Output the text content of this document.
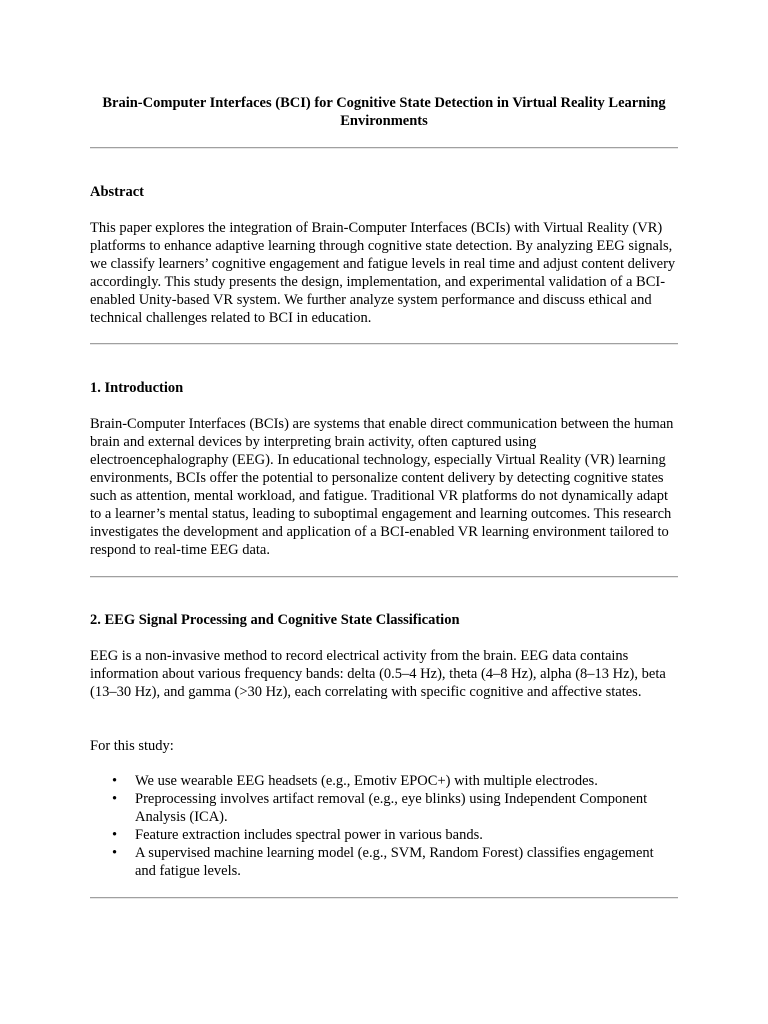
Brain-Computer Interfaces (BCI) for Cognitive State Detection in Virtual Reality Learning Environments
Abstract

This paper explores the integration of Brain-Computer Interfaces (BCIs) with Virtual Reality (VR) platforms to enhance adaptive learning through cognitive state detection. By analyzing EEG signals, we classify learners’ cognitive engagement and fatigue levels in real time and adjust content delivery accordingly. This study presents the design, implementation, and experimental validation of a BCI-enabled Unity-based VR system. We further analyze system performance and discuss ethical and technical challenges related to BCI in education.

1. Introduction

Brain-Computer Interfaces (BCIs) are systems that enable direct communication between the human brain and external devices by interpreting brain activity, often captured using electroencephalography (EEG). In educational technology, especially Virtual Reality (VR) learning environments, BCIs offer the potential to personalize content delivery by detecting cognitive states such as attention, mental workload, and fatigue. Traditional VR platforms do not dynamically adapt to a learner’s mental status, leading to suboptimal engagement and learning outcomes. This research investigates the development and application of a BCI-enabled VR learning environment tailored to respond to real-time EEG data.

2. EEG Signal Processing and Cognitive State Classification

EEG is a non-invasive method to record electrical activity from the brain. EEG data contains information about various frequency bands: delta (0.5–4 Hz), theta (4–8 Hz), alpha (8–13 Hz), beta (13–30 Hz), and gamma (>30 Hz), each correlating with specific cognitive and affective states.

For this study:

• We use wearable EEG headsets (e.g., Emotiv EPOC+) with multiple electrodes.
• Preprocessing involves artifact removal (e.g., eye blinks) using Independent Component Analysis (ICA).
• Feature extraction includes spectral power in various bands.
• A supervised machine learning model (e.g., SVM, Random Forest) classifies engagement and fatigue levels.
